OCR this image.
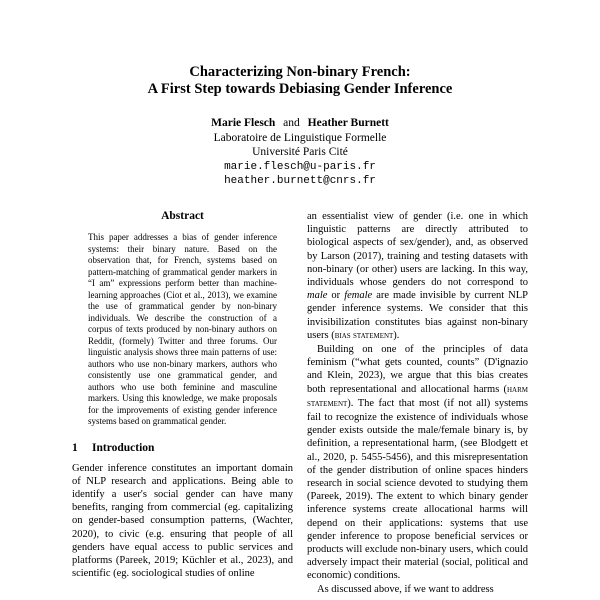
Characterizing Non-binary French:
A First Step towards Debiasing Gender Inference
Marie Flesch and Heather Burnett
Laboratoire de Linguistique Formelle
Université Paris Cité
marie.flesch@u-paris.fr
heather.burnett@cnrs.fr
Abstract

This paper addresses a bias of gender inference systems: their binary nature. Based on the observation that, for French, systems based on pattern-matching of grammatical gender markers in “I am” expressions perform better than machine-learning approaches (Ciot et al., 2013), we examine the use of grammatical gender by non-binary individuals. We describe the construction of a corpus of texts produced by non-binary authors on Reddit, (formely) Twitter and three forums. Our linguistic analysis shows three main patterns of use: authors who use non-binary markers, authors who consistently use one grammatical gender, and authors who use both feminine and masculine markers. Using this knowledge, we make proposals for the improvements of existing gender inference systems based on grammatical gender.

1 Introduction

Gender inference constitutes an important domain of NLP research and applications. Being able to identify a user's social gender can have many benefits, ranging from commercial (eg. capitalizing on gender-based consumption patterns, (Wachter, 2020), to civic (e.g. ensuring that people of all genders have equal access to public services and platforms (Pareek, 2019; Küchler et al., 2023), and scientific (eg. sociological studies of online

an essentialist view of gender (i.e. one in which linguistic patterns are directly attributed to biological aspects of sex/gender), and, as observed by Larson (2017), training and testing datasets with non-binary (or other) users are lacking. In this way, individuals whose genders do not correspond to male or female are made invisible by current NLP gender inference systems. We consider that this invisibilization constitutes bias against non-binary users (bias statement).

Building on one of the principles of data feminism (“what gets counted, counts” (D'ignazio and Klein, 2023), we argue that this bias creates both representational and allocational harms (harm statement). The fact that most (if not all) systems fail to recognize the existence of individuals whose gender exists outside the male/female binary is, by definition, a representational harm, (see Blodgett et al., 2020, p. 5455-5456), and this misrepresentation of the gender distribution of online spaces hinders research in social science devoted to studying them (Pareek, 2019). The extent to which binary gender inference systems create allocational harms will depend on their applications: systems that use gender inference to propose beneficial services or products will exclude non-binary users, which could adversely impact their material (social, political and economic) conditions.

As discussed above, if we want to address
